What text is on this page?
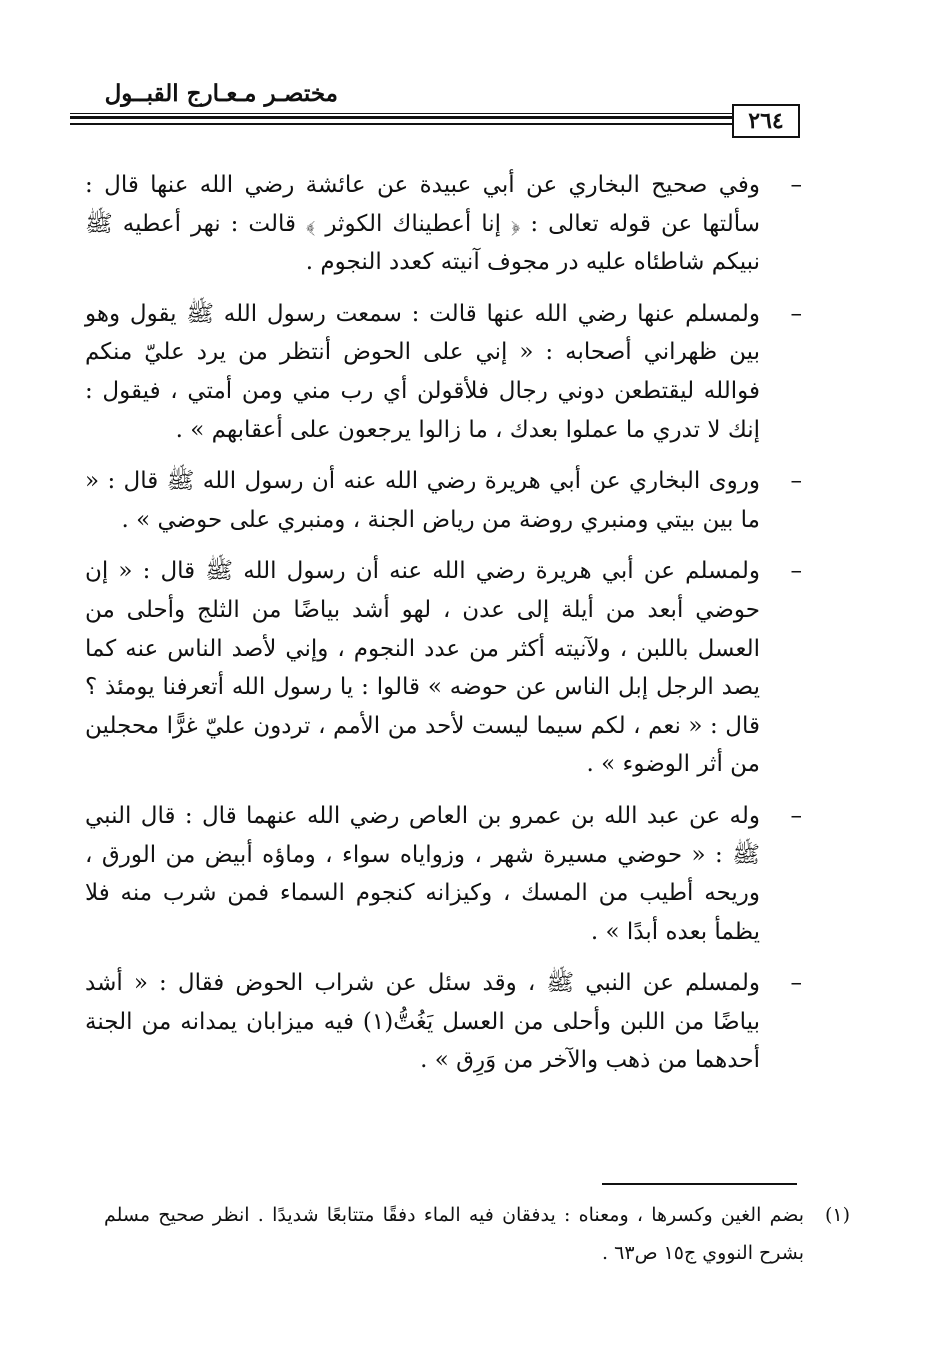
مختصـر مـعـارج القبــول
٢٦٤

–
وفي صحيح البخاري عن أبي عبيدة عن عائشة رضي الله عنها قال : سألتها عن قوله تعالى : ﴿ إنا أعطيناك الكوثر ﴾ قالت : نهر أعطيه ﷺ نبيكم شاطئاه عليه در مجوف آنيته كعدد النجوم .

–
ولمسلم عنها رضي الله عنها قالت : سمعت رسول الله ﷺ يقول وهو بين ظهراني أصحابه : « إني على الحوض أنتظر من يرد عليّ منكم فوالله ليقتطعن دوني رجال فلأقولن أي رب مني ومن أمتي ، فيقول : إنك لا تدري ما عملوا بعدك ، ما زالوا يرجعون على أعقابهم » .

–
وروى البخاري عن أبي هريرة رضي الله عنه أن رسول الله ﷺ قال : « ما بين بيتي ومنبري روضة من رياض الجنة ، ومنبري على حوضي » .

–
ولمسلم عن أبي هريرة رضي الله عنه أن رسول الله ﷺ قال : « إن حوضي أبعد من أيلة إلى عدن ، لهو أشد بياضًا من الثلج وأحلى من العسل باللبن ، ولآنيته أكثر من عدد النجوم ، وإني لأصد الناس عنه كما يصد الرجل إبل الناس عن حوضه » قالوا : يا رسول الله أتعرفنا يومئذ ؟ قال : « نعم ، لكم سيما ليست لأحد من الأمم ، تردون عليّ غرًّا محجلين من أثر الوضوء » .

–
وله عن عبد الله بن عمرو بن العاص رضي الله عنهما قال : قال النبي ﷺ : « حوضي مسيرة شهر ، وزواياه سواء ، وماؤه أبيض من الورق ، وريحه أطيب من المسك ، وكيزانه كنجوم السماء فمن شرب منه فلا يظمأ بعده أبدًا » .

–
ولمسلم عن النبي ﷺ ، وقد سئل عن شراب الحوض فقال : « أشد بياضًا من اللبن وأحلى من العسل يَغُتُّ(١) فيه ميزابان يمدانه من الجنة أحدهما من ذهب والآخر من وَرِق » .

(١)
بضم الغين وكسرها ، ومعناه : يدفقان فيه الماء دفقًا متتابعًا شديدًا . انظر صحيح مسلم بشرح النووي ج١٥ ص٦٣ .
